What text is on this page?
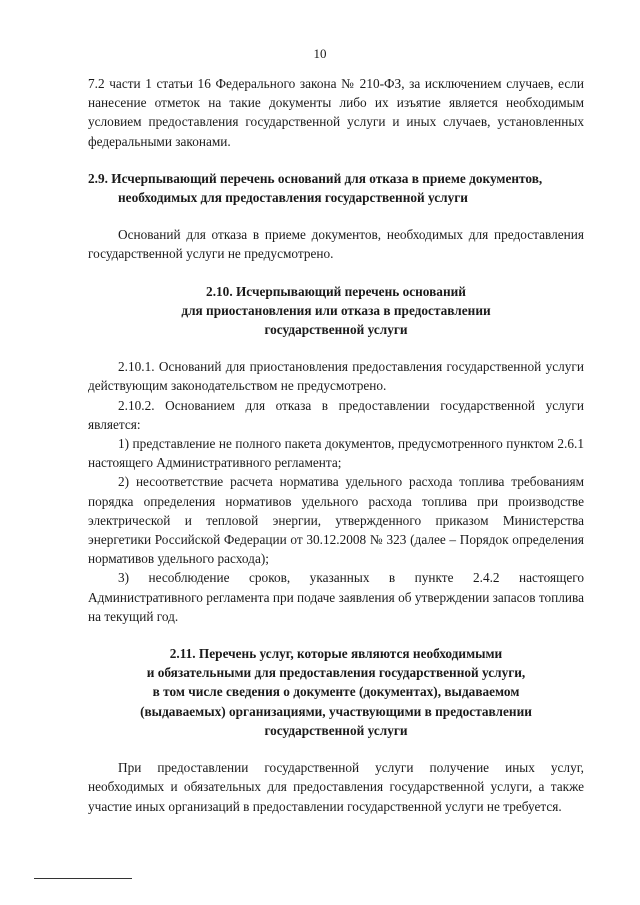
10

7.2 части 1 статьи 16 Федерального закона № 210-ФЗ, за исключением случаев, если нанесение отметок на такие документы либо их изъятие является необходимым условием предоставления государственной услуги и иных случаев, установленных федеральными законами.

2.9. Исчерпывающий перечень оснований для отказа в приеме документов,
необходимых для предоставления государственной услуги

Оснований для отказа в приеме документов, необходимых для предоставления государственной услуги не предусмотрено.

2.10. Исчерпывающий перечень оснований
для приостановления или отказа в предоставлении
государственной услуги

2.10.1. Оснований для приостановления предоставления государственной услуги действующим законодательством не предусмотрено.

2.10.2. Основанием для отказа в предоставлении государственной услуги является:

1) представление не полного пакета документов, предусмотренного пунктом 2.6.1 настоящего Административного регламента;

2) несоответствие расчета норматива удельного расхода топлива требованиям порядка определения нормативов удельного расхода топлива при производстве электрической и тепловой энергии, утвержденного приказом Министерства энергетики Российской Федерации от 30.12.2008 № 323 (далее – Порядок определения нормативов удельного расхода);

3) несоблюдение сроков, указанных в пункте 2.4.2 настоящего Административного регламента при подаче заявления об утверждении запасов топлива на текущий год.

2.11. Перечень услуг, которые являются необходимыми
и обязательными для предоставления государственной услуги,
в том числе сведения о документе (документах), выдаваемом
(выдаваемых) организациями, участвующими в предоставлении
государственной услуги

При предоставлении государственной услуги получение иных услуг, необходимых и обязательных для предоставления государственной услуги, а также участие иных организаций в предоставлении государственной услуги не требуется.
